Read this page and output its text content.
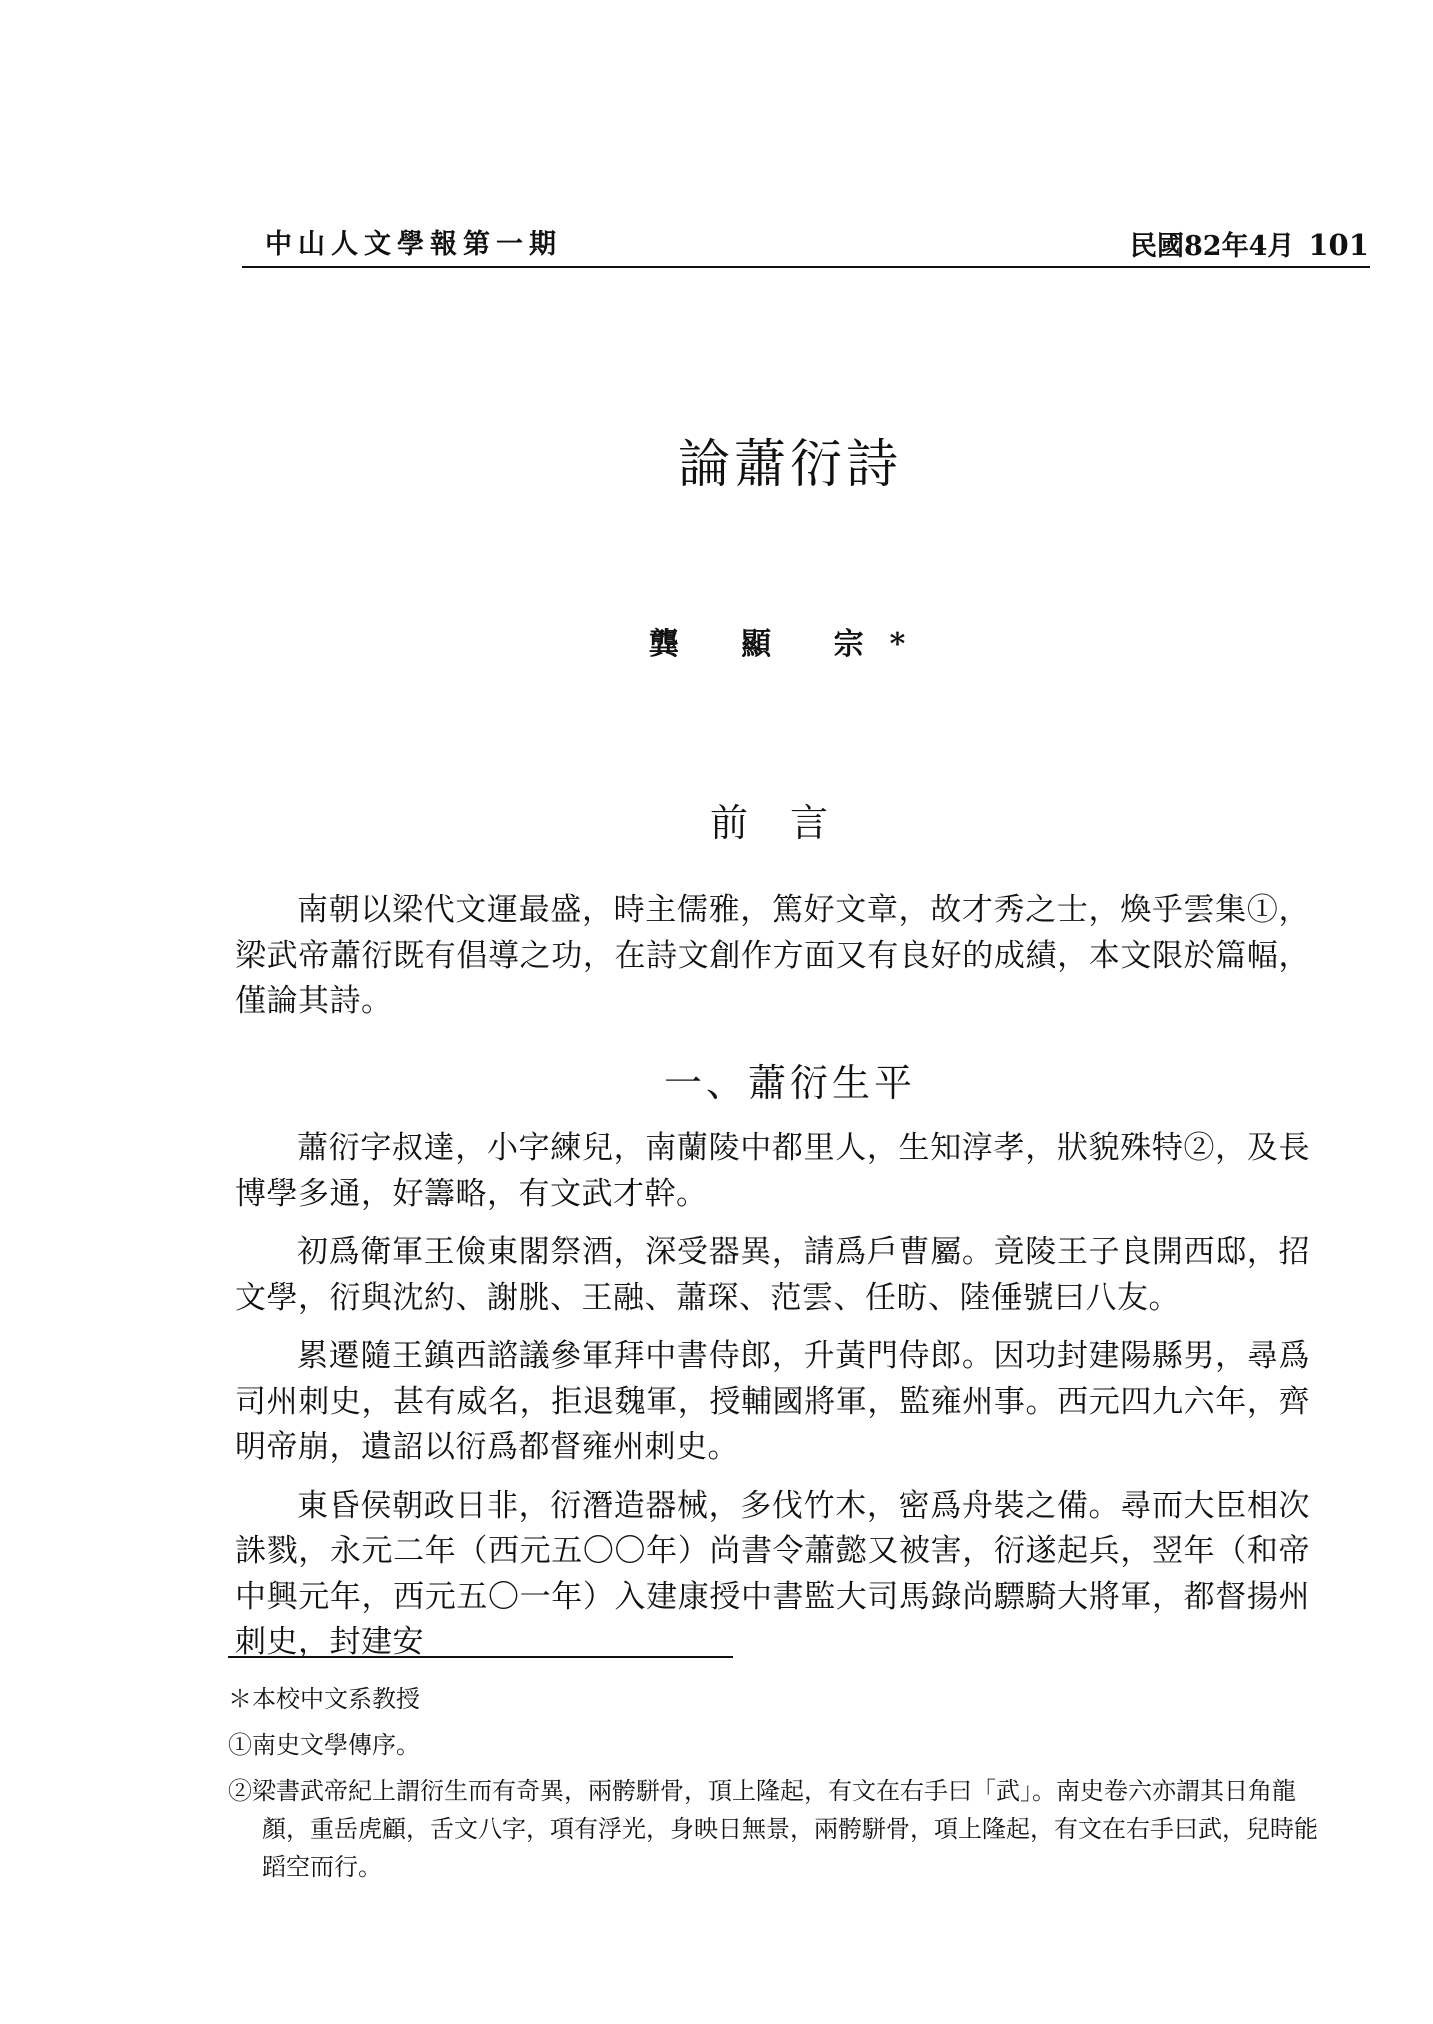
中山人文學報第一期	民國82年4月 101
論蕭衍詩
龔 顯 宗*
前言

南朝以梁代文運最盛，時主儒雅，篤好文章，故才秀之士，煥乎雲集①，梁武帝蕭衍既有倡導之功，在詩文創作方面又有良好的成績，本文限於篇幅，僅論其詩。

一、蕭衍生平

蕭衍字叔達，小字練兒，南蘭陵中都里人，生知淳孝，狀貌殊特②，及長博學多通，好籌略，有文武才幹。

初爲衛軍王儉東閣祭酒，深受器異，請爲戶曹屬。竟陵王子良開西邸，招文學，衍與沈約、謝朓、王融、蕭琛、范雲、任昉、陸倕號曰八友。

累遷隨王鎮西諮議參軍拜中書侍郎，升黃門侍郎。因功封建陽縣男，尋爲司州刺史，甚有威名，拒退魏軍，授輔國將軍，監雍州事。西元四九六年，齊明帝崩，遺詔以衍爲都督雍州刺史。

東昏侯朝政日非，衍潛造器械，多伐竹木，密爲舟裝之備。尋而大臣相次誅戮，永元二年（西元五〇〇年）尚書令蕭懿又被害，衍遂起兵，翌年（和帝中興元年，西元五〇一年）入建康授中書監大司馬錄尚驃騎大將軍，都督揚州刺史，封建安

＊本校中文系教授
①南史文學傳序。
②梁書武帝紀上謂衍生而有奇異，兩骻駢骨，頂上隆起，有文在右手曰「武」。南史卷六亦謂其日角龍顏，重岳虎顧，舌文八字，項有浮光，身映日無景，兩骻駢骨，項上隆起，有文在右手曰武，兒時能蹈空而行。
